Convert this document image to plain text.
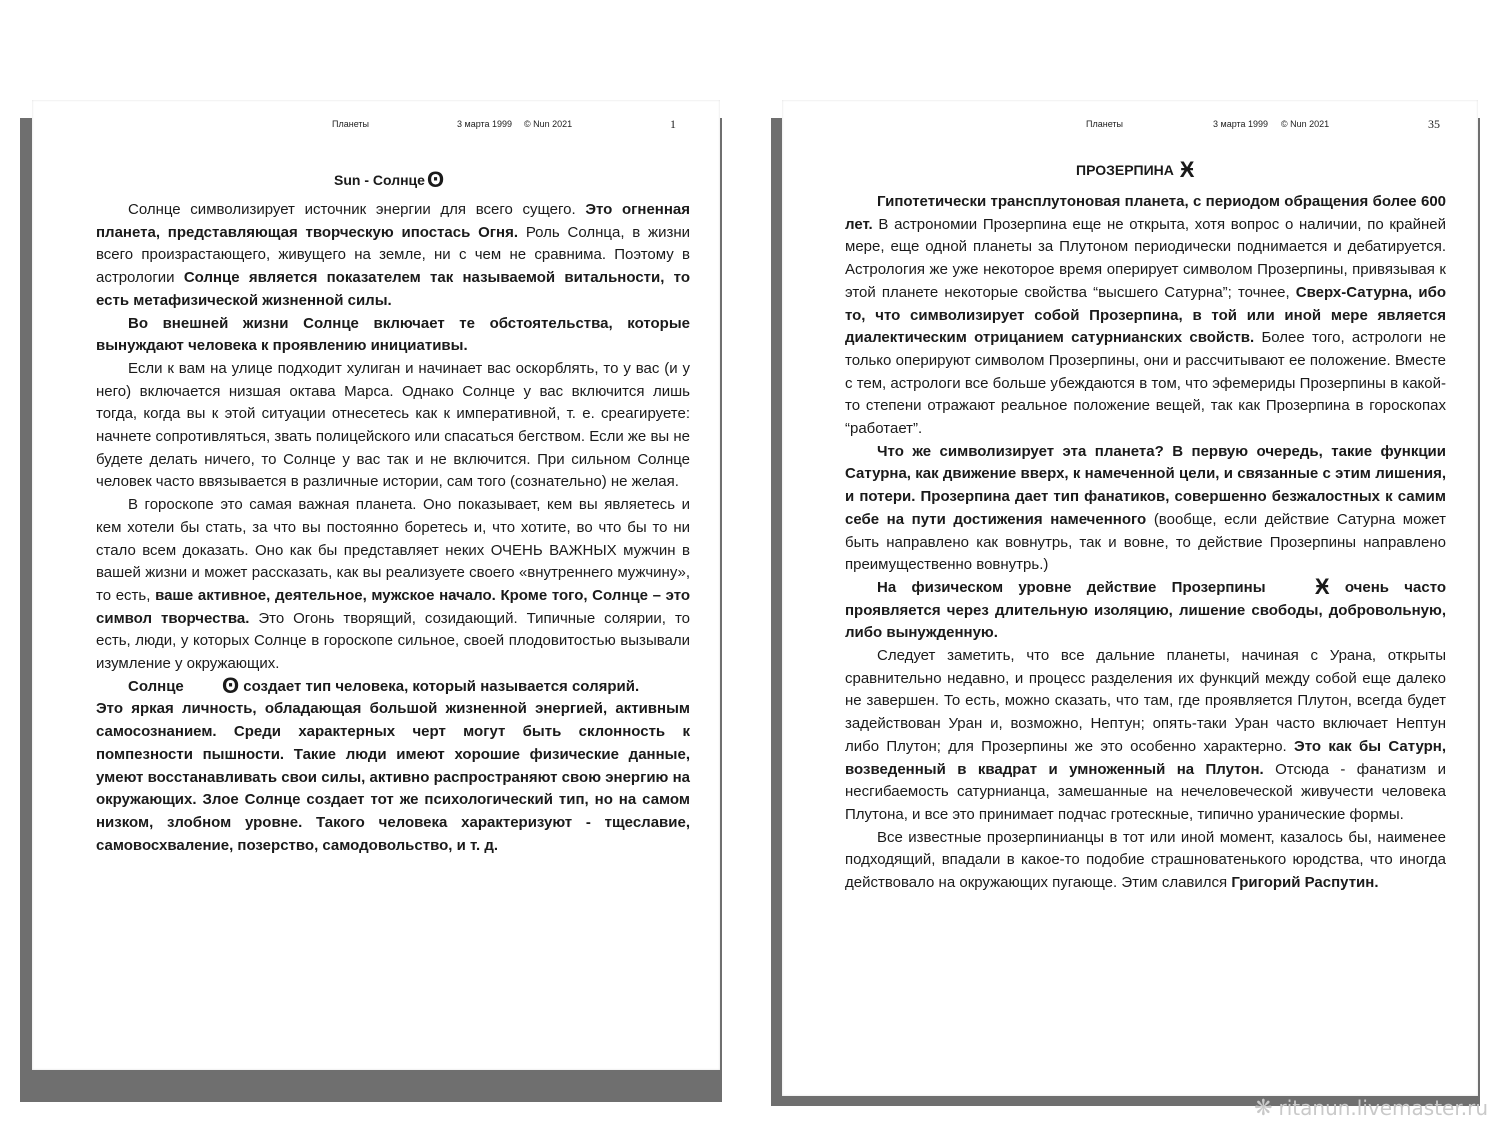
Планеты	3 марта 1999 © Nun 2021	1
Sun - Солнцеʘ

Солнце символизирует источник энергии для всего сущего. Это огненная планета, представляющая творческую ипостась Огня. Роль Солнца, в жизни всего произрастающего, живущего на земле, ни с чем не сравнима. Поэтому в астрологии Солнце является показателем так называемой витальности, то есть метафизической жизненной силы.

Во внешней жизни Солнце включает те обстоятельства, которые вынуждают человека к проявлению инициативы.

Если к вам на улице подходит хулиган и начинает вас оскорблять, то у вас (и у него) включается низшая октава Марса. Однако Солнце у вас включится лишь тогда, когда вы к этой ситуации отнесетесь как к императивной, т. е. среагируете: начнете сопротивляться, звать полицейского или спасаться бегством. Если же вы не будете делать ничего, то Солнце у вас так и не включится. При сильном Солнце человек часто ввязывается в различные истории, сам того (сознательно) не желая.

В гороскопе это самая важная планета. Оно показывает, кем вы являетесь и кем хотели бы стать, за что вы постоянно боретесь и, что хотите, во что бы то ни стало всем доказать. Оно как бы представляет неких ОЧЕНЬ ВАЖНЫХ мужчин в вашей жизни и может рассказать, как вы реализуете своего «внутреннего мужчину», то есть, ваше активное, деятельное, мужское начало. Кроме того, Солнце – это символ творчества. Это Огонь творящий, созидающий. Типичные солярии, то есть, люди, у которых Солнце в гороскопе сильное, своей плодовитостью вызывали изумление у окружающих.

Солнце ʘ создает тип человека, который называется солярий.

Это яркая личность, обладающая большой жизненной энергией, активным самосознанием. Среди характерных черт могут быть склонность к помпезности пышности. Такие люди имеют хорошие физические данные, умеют восстанавливать свои силы, активно распространяют свою энергию на окружающих. Злое Солнце создает тот же психологический тип, но на самом низком, злобном уровне. Такого человека характеризуют - тщеславие, самовосхваление, позерство, самодовольство, и т. д.

Планеты	3 марта 1999 © Nun 2021	35
ПРОЗЕРПИНА Ӿ

Гипотетически трансплутоновая планета, с периодом обращения более 600 лет. В астрономии Прозерпина еще не открыта, хотя вопрос о наличии, по крайней мере, еще одной планеты за Плутоном периодически поднимается и дебатируется. Астрология же уже некоторое время оперирует символом Прозерпины, привязывая к этой планете некоторые свойства “высшего Сатурна”; точнее, Сверх-Сатурна, ибо то, что символизирует собой Прозерпина, в той или иной мере является диалектическим отрицанием сатурнианских свойств. Более того, астрологи не только оперируют символом Прозерпины, они и рассчитывают ее положение. Вместе с тем, астрологи все больше убеждаются в том, что эфемериды Прозерпины в какой-то степени отражают реальное положение вещей, так как Прозерпина в гороскопах “работает”.

Что же символизирует эта планета? В первую очередь, такие функции Сатурна, как движение вверх, к намеченной цели, и связанные с этим лишения, и потери. Прозерпина дает тип фанатиков, совершенно безжалостных к самим себе на пути достижения намеченного (вообще, если действие Сатурна может быть направлено как вовнутрь, так и вовне, то действие Прозерпины направлено преимущественно вовнутрь.)

На физическом уровне действие Прозерпины Ӿ очень часто проявляется через длительную изоляцию, лишение свободы, добровольную, либо вынужденную.

Следует заметить, что все дальние планеты, начиная с Урана, открыты сравнительно недавно, и процесс разделения их функций между собой еще далеко не завершен. То есть, можно сказать, что там, где проявляется Плутон, всегда будет задействован Уран и, возможно, Нептун; опять-таки Уран часто включает Нептун либо Плутон; для Прозерпины же это особенно характерно. Это как бы Сатурн, возведенный в квадрат и умноженный на Плутон. Отсюда - фанатизм и несгибаемость сатурнианца, замешанные на нечеловеческой живучести человека Плутона, и все это принимает подчас гротескные, типично уранические формы.

Все известные прозерпинианцы в тот или иной момент, казалось бы, наименее подходящий, впадали в какое-то подобие страшноватенького юродства, что иногда действовало на окружающих пугающе. Этим славился Григорий Распутин.

❋ ritanun.livemaster.ru
